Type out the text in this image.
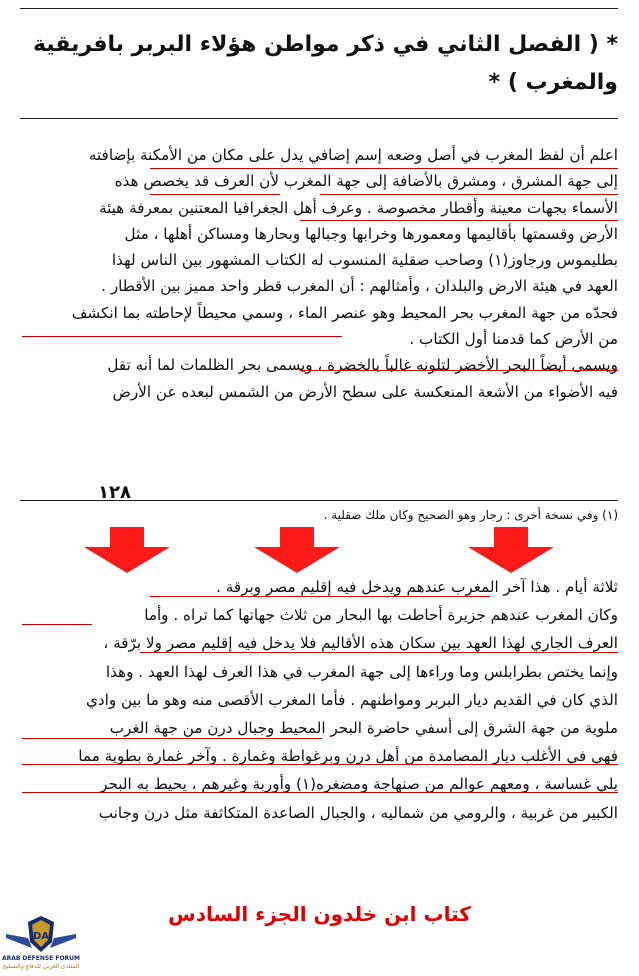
* ( الفصل الثاني في ذكر مواطن هؤلاء البربر بافريقية
والمغرب ) *
اعلم أن لفظ المغرب في أصل وضعه إسم إضافي يدل على مكان من الأمكنة بإضافته
إلى جهة المشرق ، ومشرق بالأضافة إلى جهة المغرب لأن العرف قد يخصص هذه
الأسماء بجهات معينة وأقطار مخصوصة . وعرف أهل الجغرافيا المعتنين بمعرفة هيئة
الأرض وقسمتها بأقاليمها ومعمورها وخرابها وجبالها وبحارها ومساكن أهلها ، مثل
بطليموس ورجاوز(١) وصاحب صقلية المنسوب له الكتاب المشهور بين الناس لهذا
العهد في هيئة الارض والبلدان ، وأمثالهم : أن المغرب قطر واحد مميز بين الأقطار .
فحدّه من جهة المغرب بحر المحيط وهو عنصر الماء ، وسمي محيطاً لإحاطته بما انكشف
من الأرض كما قدمنا أول الكتاب .
ويسمى أيضاً البحر الأخضر لتلونه غالباً بالخضرة ، ويسمى بحر الظلمات لما أنه تقل
فيه الأضواء من الأشعة المنعكسة على سطح الأرض من الشمس لبعده عن الأرض
١٢٨
(١) وفي نسخة أخرى : رجار وهو الصحيح وكان ملك صقلية .
ثلاثة أيام . هذا آخر المغرب عندهم ويدخل فيه إقليم مصر وبرقة .
وكان المغرب عندهم جزيرة أحاطت بها البحار من ثلاث جهاتها كما تراه . وأما
العرف الجاري لهذا العهد بين سكان هذه الأقاليم فلا يدخل فيه إقليم مصر ولا برّقة ،
وإنما يختص بطرابلس وما وراءها إلى جهة المغرب في هذا العرف لهذا العهد . وهذا
الذي كان في القديم ديار البربر ومواطنهم . فأما المغرب الأقصى منه وهو ما بين وادي
ملوية من جهة الشرق إلى أسفي حاضرة البحر المحيط وجبال درن من جهة الغرب
فهي في الأغلب ديار المصامدة من أهل درن وبرغواطة وغمارة . وآخر غمارة بطوية مما
يلي غساسة ، ومعهم عوالم من صنهاجة ومضغره(١) وأوربة وغيرهم ، يحيط به البحر
الكبير من غربية ، والرومي من شماليه ، والجبال الصاعدة المتكاثفة مثل درن وجانب
كتاب ابن خلدون الجزء السادس
DA
ARAB DEFENSE FORUM
المنتدى العربي للدفاع والتسليح
